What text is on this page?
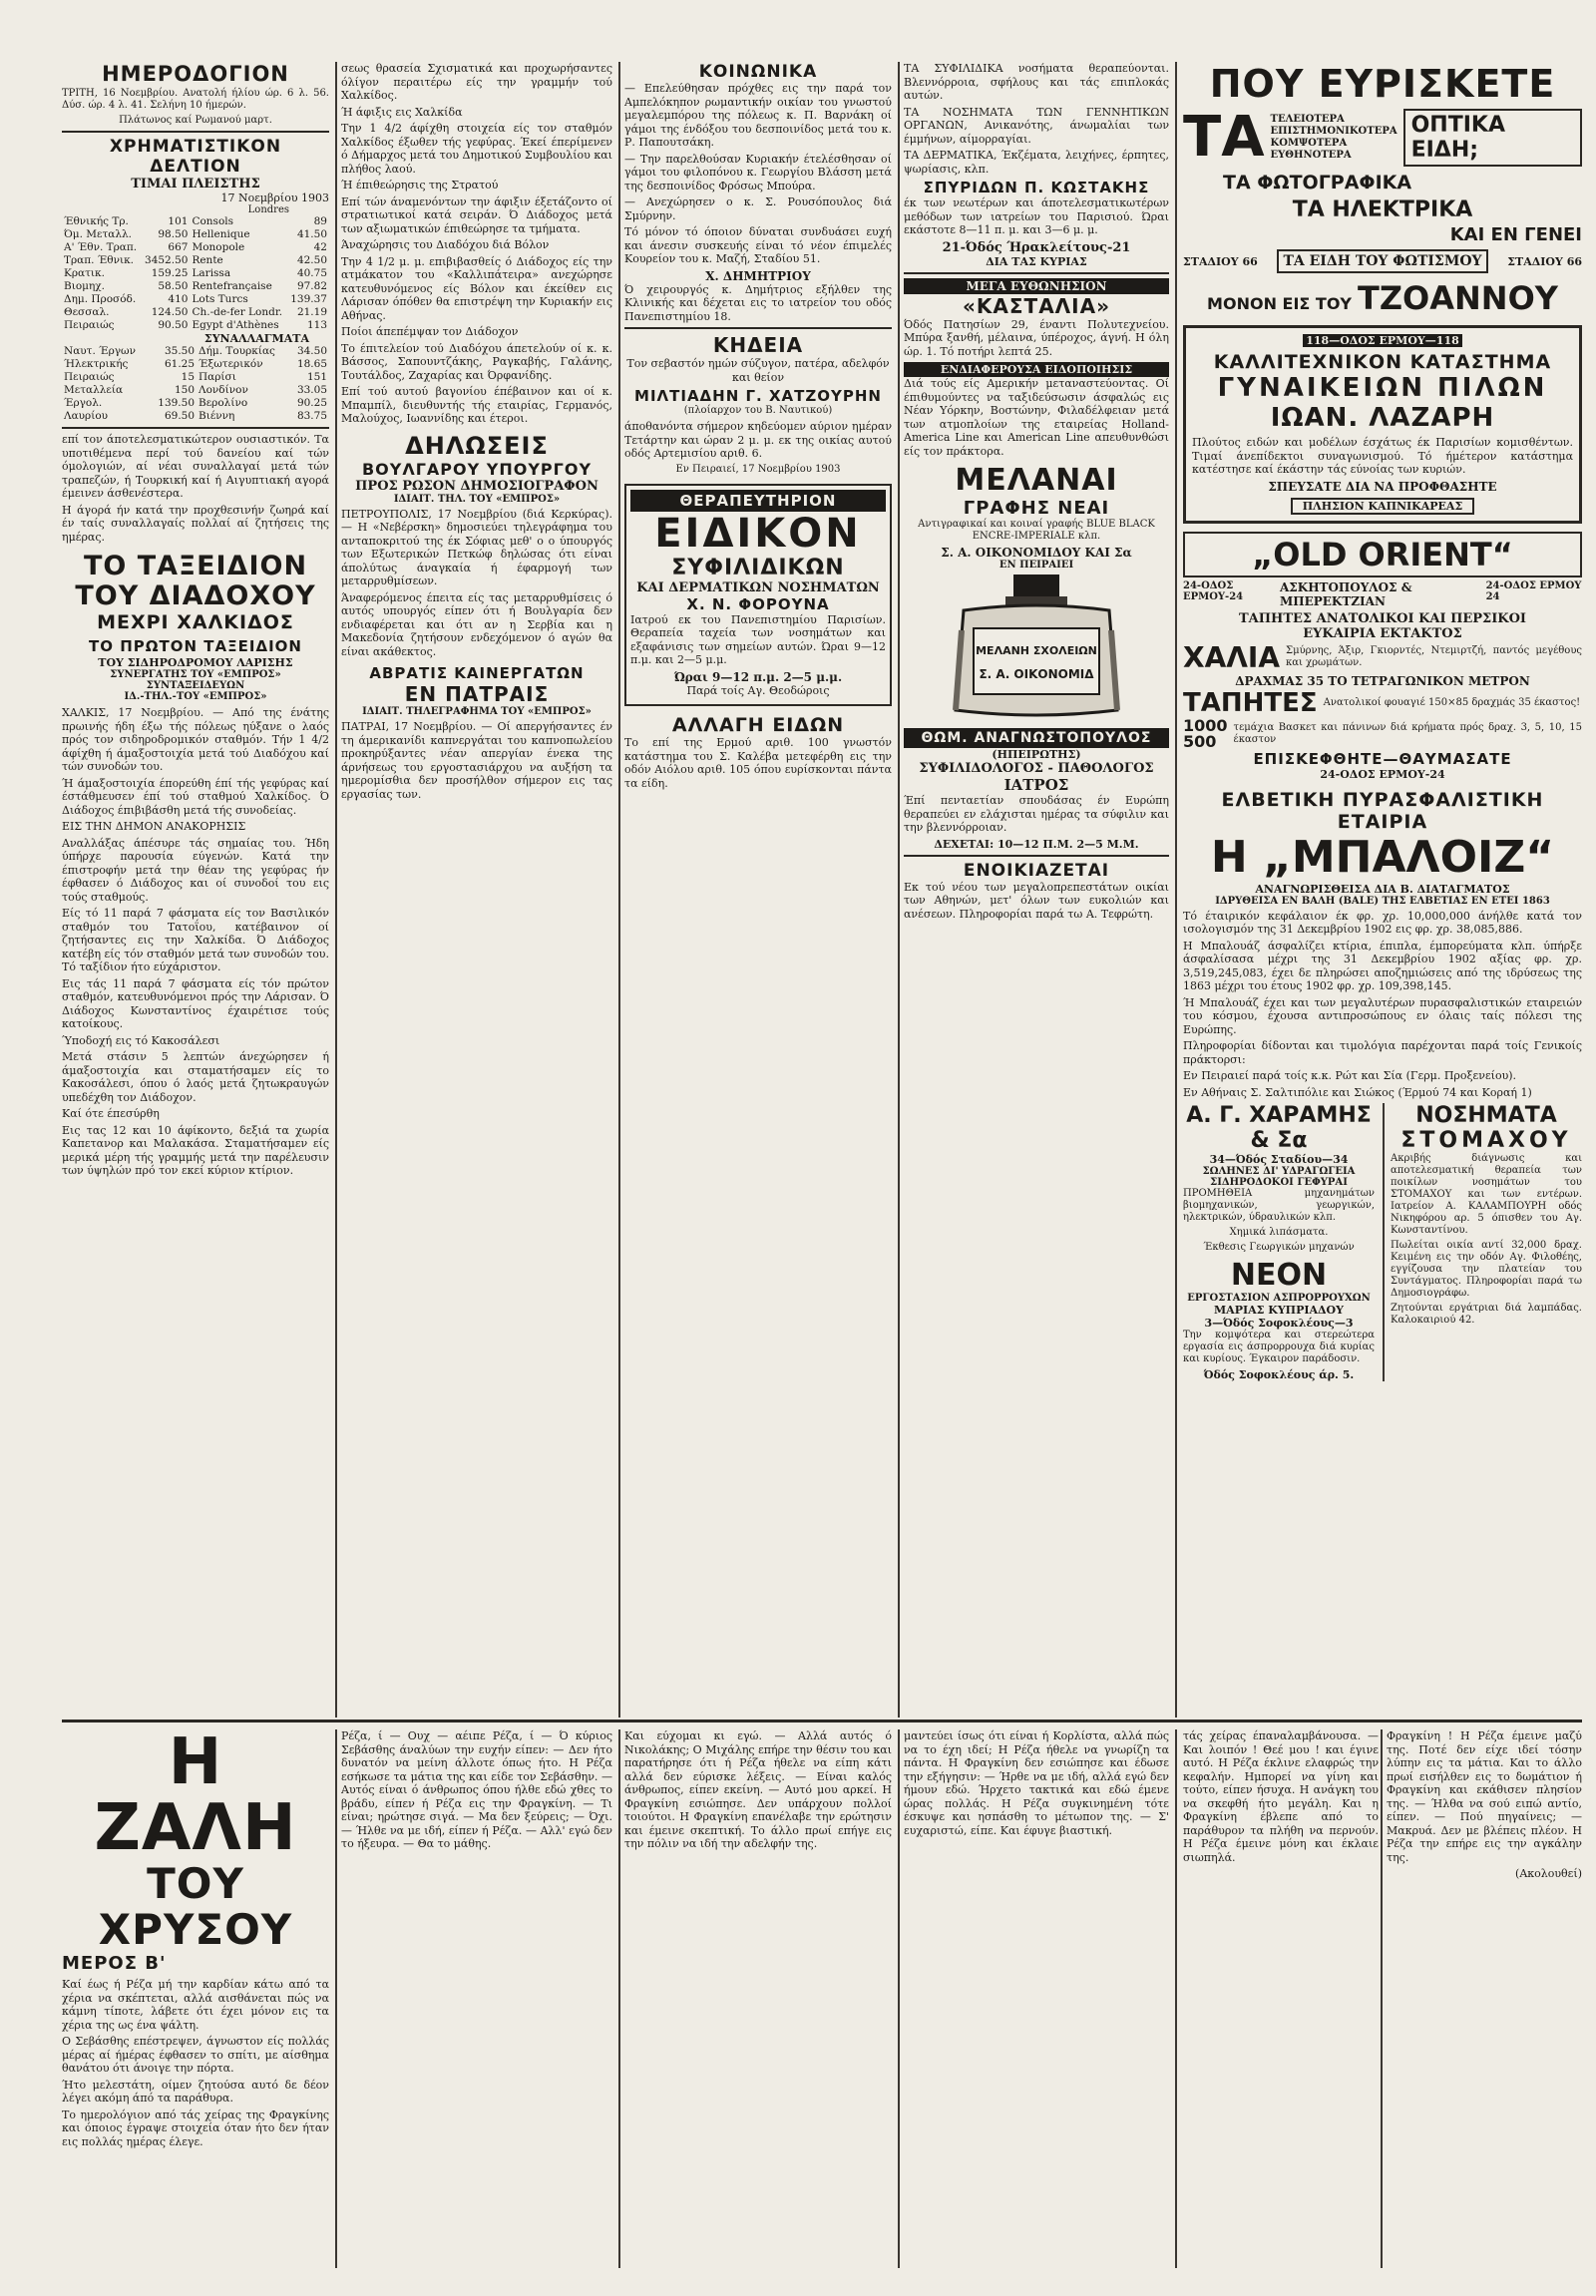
ΗΜΕΡΟΔΟΓΙΟΝ
ΤΡΙΤΗ, 16 Νοεμβρίου. Ανατολή ήλίου ώρ. 6 λ. 56. Δύσ. ώρ. 4 λ. 41. Σελήνη 10 ήμερών.
Πλάτωνος καί Ρωμανού μαρτ.
ΧΡΗΜΑΤΙΣΤΙΚΟΝ ΔΕΛΤΙΟΝ
ΤΙΜΑΙ ΠΛΕΙΣΤΗΣ
17 Νοεμβρίου 1903
Londres
Έθνικής Τρ.	101	Consols	89
Όμ. Μεταλλ.	98.50	Hellenique	41.50
Α' Έθν. Τραπ.	667	Monopole	42
Τραπ. Έθνικ.	3452.50	Rente	42.50
Κρατικ.	159.25	Larissa	40.75
Βιομηχ.	58.50	Rentefrançaise	97.82
Δημ. Προσόδ.	410	Lots Turcs	139.37
Θεσσαλ.	124.50	Ch.-de-fer Londr.	21.19
Πειραιώς	90.50	Egypt d'Athènes	113
ΣΥΝΑΛΛΑΓΜΑΤΑ
Ναυτ. Έργων	35.50	Δήμ. Τουρκίας	34.50
Ήλεκτρικής	61.25	Έξωτερικόν	18.65
Πειραιώς	15	Παρίσι	151
Μεταλλεία	150	Λονδίνον	33.05
Έργολ.	139.50	Βερολίνο	90.25
Λαυρίου	69.50	Βιέννη	83.75
επί τον άποτελεσματικώτερον ουσιαστικόν. Τα υποτιθέμενα περί τού δανείου καί τών όμολογιών, αί νέαι συναλλαγαί μετά τών τραπεζών, ή Τουρκική καί ή Αιγυπτιακή αγορά έμεινεν άσθενέστερα.
Η άγορά ήν κατά την προχθεσινήν ζωηρά καί έν ταίς συναλλαγαίς πολλαί αί ζητήσεις της ημέρας.
ΤΟ ΤΑΞΕΙΔΙΟΝ
ΤΟΥ ΔΙΑΔΟΧΟΥ
ΜΕΧΡΙ ΧΑΛΚΙΔΟΣ
ΤΟ ΠΡΩΤΟΝ ΤΑΞΕΙΔΙΟΝ
ΤΟΥ ΣΙΔΗΡΟΔΡΟΜΟΥ ΛΑΡΙΣΗΣ
ΣΥΝΕΡΓΑΤΗΣ ΤΟΥ «ΕΜΠΡΟΣ» ΣΥΝΤΑΞΕΙΔΕΥΩΝ
ΙΔ.-ΤΗΛ.-ΤΟΥ «ΕΜΠΡΟΣ»
ΧΑΛΚΙΣ, 17 Νοεμβρίου. — Από της ένάτης πρωινής ήδη έξω τής πόλεως ηύξανε ο λαός πρός τον σιδηροδρομικόν σταθμόν. Τήν 1 4/2 άφίχθη ή άμαξοστοιχία μετά τού Διαδόχου καί τών συνοδών του.
Ή άμαξοστοιχία έπορεύθη έπί τής γεφύρας καί έστάθμευσεν έπί τού σταθμού Χαλκίδος. Ό Διάδοχος έπιβιβάσθη μετά τής συνοδείας.
ΕΙΣ ΤΗΝ ΔΗΜΟΝ ΑΝΑΚΟΡΗΣΙΣ
Αναλλάξας άπέσυρε τάς σημαίας του. Ήδη ύπήρχε παρουσία εύγενών. Κατά την έπιστροφήν μετά την θέαν της γεφύρας ήν έφθασεν ό Διάδοχος και οί συνοδοί του εις τούς σταθμούς.
Είς τό 11 παρά 7 φάσματα είς τον Βασιλικόν σταθμόν του Τατοΐου, κατέβαινον οί ζητήσαντες εις την Χαλκίδα. Ό Διάδοχος κατέβη είς τόν σταθμόν μετά των συνοδών του. Τό ταξίδιον ήτο εύχάριστον.
Εις τάς 11 παρά 7 φάσματα είς τόν πρώτον σταθμόν, κατευθυνόμενοι πρός την Λάρισαν. Ό Διάδοχος Κωνσταντίνος έχαιρέτισε τούς κατοίκους.
Ύποδοχή εις τό Κακοσάλεσι
Μετά στάσιν 5 λεπτών άνεχώρησεν ή άμαξοστοιχία και σταματήσαμεν είς το Κακοσάλεσι, όπου ό λαός μετά ζητωκραυγών υπεδέχθη τον Διάδοχον.
Καί ότε έπεσύρθη
Εις τας 12 και 10 άφίκοντο, δεξιά τα χωρία Καπετανορ και Μαλακάσα. Σταματήσαμεν είς μερικά μέρη τής γραμμής μετά την παρέλευσιν των ύψηλών πρό τον εκεί κύριον κτίριον.
σεως θρασεία Σχισματικά και προχωρήσαντες όλίγον περαιτέρω είς την γραμμήν τού Χαλκίδος.
Ή άφιξις εις Χαλκίδα
Την 1 4/2 άφίχθη στοιχεία είς τον σταθμόν Χαλκίδος έξωθεν τής γεφύρας. Έκεί έπερίμενεν ό Δήμαρχος μετά του Δημοτικού Συμβουλίου και πλήθος λαού.
Ή έπιθεώρησις της Στρατού
Επί τών άναμενόντων την άφιξιν έξετάζοντο οί στρατιωτικοί κατά σειράν. Ό Διάδοχος μετά των αξιωματικών έπιθεώρησε τα τμήματα.
Άναχώρησις του Διαδόχου διά Βόλον
Την 4 1/2 μ. μ. επιβιβασθείς ό Διάδοχος είς την ατμάκατον του «Καλλιπάτειρα» ανεχώρησε κατευθυνόμενος είς Βόλον και έκείθεν εις Λάρισαν όπόθεν θα επιστρέψη την Κυριακήν εις Αθήνας.
Ποίοι άπεπέμψαν τον Διάδοχον
Το έπιτελείον τού Διαδόχου άπετελούν οί κ. κ. Βάσσος, Σαπουντζάκης, Ραγκαβής, Γαλάνης, Τουτάλδος, Ζαχαρίας και Όρφανίδης.
Επί τού αυτού βαγονίου έπέβαινον και οί κ. Μπαμπίλ, διευθυντής τής εταιρίας, Γερμανός, Μαλούχος, Ιωαννίδης και έτεροι.
ΔΗΛΩΣΕΙΣ
ΒΟΥΛΓΑΡΟΥ ΥΠΟΥΡΓΟΥ
ΠΡΟΣ ΡΩΣΟΝ ΔΗΜΟΣΙΟΓΡΑΦΟΝ
ΙΔΙΑΙΤ. ΤΗΛ. ΤΟΥ «ΕΜΠΡΟΣ»
ΠΕΤΡΟΥΠΟΛΙΣ, 17 Νοεμβρίου (διά Κερκύρας). — Η «Νεβέρσκη» δημοσιεύει τηλεγράφημα του ανταποκριτού της έκ Σόφιας μεθ' ο ο ύπουργός των Εξωτερικών Πετκώφ δηλώσας ότι είναι άπολύτως άναγκαία ή έφαρμογή των μεταρρυθμίσεων.
Άναφερόμενος έπειτα είς τας μεταρρυθμίσεις ό αυτός υπουργός είπεν ότι ή Βουλγαρία δεν ενδιαφέρεται και ότι αν η Σερβία και η Μακεδονία ζητήσουν ενδεχόμενον ό αγών θα είναι ακάθεκτος.
ΑΒΡΑΤΙΣ ΚΑΙΝΕΡΓΑΤΩΝ
ΕΝ ΠΑΤΡΑΙΣ
ΙΔΙΑΙΤ. ΤΗΛΕΓΡΑΦΗΜΑ ΤΟΥ «ΕΜΠΡΟΣ»
ΠΑΤΡΑΙ, 17 Νοεμβρίου. — Οί απεργήσαντες έν τη άμερικανίδι καπνεργάται του καπνοπωλείου προκηρύξαντες νέαν απεργίαν ένεκα της άρνήσεως του εργοστασιάρχου να αυξήση τα ημερομίσθια δεν προσήλθον σήμερον εις τας εργασίας των.
ΚΟΙΝΩΝΙΚΑ
— Επελεύθησαν πρόχθες εις την παρά τον Αμπελόκηπον ρωμαντικήν οικίαν του γνωστού μεγαλεμπόρου της πόλεως κ. Π. Βαρνάκη οί γάμοι της ένδόξου του δεσποινίδος μετά του κ. Ρ. Παπουτσάκη.
— Την παρελθούσαν Κυριακήν έτελέσθησαν οί γάμοι του φιλοπόνου κ. Γεωργίου Βλάσση μετά της δεσποινίδος Φρόσως Μπούρα.
— Ανεχώρησεν ο κ. Σ. Ρουσόπουλος διά Σμύρνην.
Τό μόνον τό όποιον δύναται συνδυάσει ευχή και άνεσιν συσκευής είναι τό νέον έπιμελές Κουρείον του κ. Μαζή, Σταδίου 51.
Χ. ΔΗΜΗΤΡΙΟΥ
Ό χειρουργός κ. Δημήτριος εξήλθεν της Κλινικής και δέχεται εις το ιατρείον του οδός Πανεπιστημίου 18.
ΚΗΔΕΙΑ
Τον σεβαστόν ημών σύζυγον, πατέρα, αδελφόν και θείον
ΜΙΛΤΙΑΔΗΝ Γ. ΧΑΤΖΟΥΡΗΝ
(πλοίαρχον του Β. Ναυτικού)
άποθανόντα σήμερον κηδεύομεν αύριον ημέραν Τετάρτην και ώραν 2 μ. μ. εκ της οικίας αυτού οδός Αρτεμισίου αριθ. 6.
Εν Πειραιεί, 17 Νοεμβρίου 1903
ΘΕΡΑΠΕΥΤΗΡΙΟΝ
ΕΙΔΙΚΟΝ
ΣΥΦΙΛΙΔΙΚΩΝ
ΚΑΙ ΔΕΡΜΑΤΙΚΩΝ ΝΟΣΗΜΑΤΩΝ
Χ. Ν. ΦΟΡΟΥΝΑ
Ιατρού εκ του Πανεπιστημίου Παρισίων. Θεραπεία ταχεία των νοσημάτων και εξαφάνισις των σημείων αυτών. Ώραι 9—12 π.μ. και 2—5 μ.μ.
Ώραι 9—12 π.μ. 2—5 μ.μ.
Παρά τοίς Αγ. Θεοδώροις
ΑΛΛΑΓΗ ΕΙΔΩΝ
Το επί της Ερμού αριθ. 100 γνωστόν κατάστημα του Σ. Καλέβα μετεφέρθη εις την οδόν Αιόλου αριθ. 105 όπου ευρίσκονται πάντα τα είδη.
ΤΑ ΣΥΦΙΛΙΔΙΚΑ νοσήματα θεραπεύονται. Βλεννόρροια, σφήλους και τάς επιπλοκάς αυτών.
ΤΑ ΝΟΣΗΜΑΤΑ ΤΩΝ ΓΕΝΝΗΤΙΚΩΝ ΟΡΓΑΝΩΝ, Ανικανότης, άνωμαλίαι των έμμήνων, αίμορραγίαι.
ΤΑ ΔΕΡΜΑΤΙΚΑ, Έκζέματα, λειχήνες, έρπητες, ψωρίασις, κλπ.
ΣΠΥΡΙΔΩΝ Π. ΚΩΣΤΑΚΗΣ
έκ των νεωτέρων και άποτελεσματικωτέρων μεθόδων των ιατρείων του Παρισιού. Ώραι εκάστοτε 8—11 π. μ. και 3—6 μ. μ.
21-Όδός Ήρακλείτους-21
ΔΙΑ ΤΑΣ ΚΥΡΙΑΣ
ΜΕΓΑ ΕΥΘΩΝΗΣΙΟΝ
«ΚΑΣΤΑΛΙΑ»
Όδός Πατησίων 29, έναντι Πολυτεχνείου. Μπύρα ξανθή, μέλαινα, ύπέροχος, άγνή. Η όλη ώρ. 1. Τό ποτήρι λεπτά 25.
ΕΝΔΙΑΦΕΡΟΥΣΑ ΕΙΔΟΠΟΙΗΣΙΣ
Διά τούς είς Αμερικήν μεταναστεύοντας. Οί έπιθυμούντες να ταξιδεύσωσιν άσφαλώς εις Νέαν Υόρκην, Βοστώνην, Φιλαδέλφειαν μετά των ατμοπλοίων της εταιρείας Holland-America Line και American Line απευθυνθώσι είς τον πράκτορα.
ΜΕΛΑΝΑΙ
ΓΡΑΦΗΣ ΝΕΑΙ
Αντιγραφικαί και κοιναί γραφής BLUE BLACK ENCRE-IMPERIALE κλπ.
Σ. Α. ΟΙΚΟΝΟΜΙΔΟΥ ΚΑΙ Σα
ΕΝ ΠΕΙΡΑΙΕΙ
ΜΕΛΑΝΗ ΣΧΟΛΕΙΩΝ
Σ. Α. ΟΙΚΟΝΟΜΙΔ
ΘΩΜ. ΑΝΑΓΝΩΣΤΟΠΟΥΛΟΣ
(ΗΠΕΙΡΩΤΗΣ)
ΣΥΦΙΛΙΔΟΛΟΓΟΣ - ΠΑΘΟΛΟΓΟΣ
ΙΑΤΡΟΣ
Έπί πενταετίαν σπουδάσας έν Ευρώπη θεραπεύει εν ελάχισται ημέρας τα σύφιλιν και την βλεννόρροιαν.
ΔΕΧΕΤΑΙ: 10—12 Π.Μ. 2—5 Μ.Μ.
ΕΝΟΙΚΙΑΖΕΤΑΙ
Εκ τού νέου των μεγαλοπρεπεστάτων οικίαι των Αθηνών, μετ' όλων των ευκολιών και ανέσεων. Πληροφορίαι παρά τω Α. Τεφρώτη.
ΠΟΥ ΕΥΡΙΣΚΕΤΕ
ΤΑ ΤΕΛΕΙΟΤΕΡΑ
ΕΠΙΣΤΗΜΟΝΙΚΟΤΕΡΑ
ΚΟΜΨΟΤΕΡΑ
ΕΥΘΗΝΟΤΕΡΑ
ΟΠΤΙΚΑ ΕΙΔΗ;
ΤΑ ΦΩΤΟΓΡΑΦΙΚΑ
ΤΑ ΗΛΕΚΤΡΙΚΑ
ΚΑΙ ΕΝ ΓΕΝΕΙ
ΣΤΑΔΙΟΥ 66	ΤΑ ΕΙΔΗ ΤΟΥ ΦΩΤΙΣΜΟΥ	ΣΤΑΔΙΟΥ 66
ΜΟΝΟΝ ΕΙΣ ΤΟΥ ΤΖΟΑΝΝΟΥ
118—ΟΔΟΣ ΕΡΜΟΥ—118
ΚΑΛΛΙΤΕΧΝΙΚΟΝ ΚΑΤΑΣΤΗΜΑ
ΓΥΝΑΙΚΕΙΩΝ ΠΙΛΩΝ
ΙΩΑΝ. ΛΑΖΑΡΗ
Πλούτος ειδών και μοδέλων έσχάτως έκ Παρισίων κομισθέντων. Τιμαί άνεπίδεκτοι συναγωνισμού. Τό ήμέτερον κατάστημα κατέστησε καί έκάστην τάς εύνοίας των κυριών.
ΣΠΕΥΣΑΤΕ ΔΙΑ ΝΑ ΠΡΟΦΘΑΣΗΤΕ
ΠΛΗΣΙΟΝ ΚΑΠΝΙΚΑΡΕΑΣ
„OLD ORIENT“
24-ΟΔΟΣ ΕΡΜΟΥ-24
ΑΣΚΗΤΟΠΟΥΛΟΣ & ΜΠΕΡΕΚΤΖΙΑΝ
24-ΟΔΟΣ ΕΡΜΟΥ 24
ΤΑΠΗΤΕΣ ΑΝΑΤΟΛΙΚΟΙ ΚΑΙ ΠΕΡΣΙΚΟΙ
ΕΥΚΑΙΡΙΑ ΕΚΤΑΚΤΟΣ
ΧΑΛΙΑ Σμύρνης, Άξιρ, Γκιορντές, Ντεμιρτζή, παντός μεγέθους και χρωμάτων.
ΔΡΑΧΜΑΣ 35 ΤΟ ΤΕΤΡΑΓΩΝΙΚΟΝ ΜΕΤΡΟΝ
ΤΑΠΗΤΕΣ Ανατολικοί φουαγιέ 150×85 δραχμάς 35 έκαστος!
1000
500
τεμάχια Βασκετ και πάνινων διά κρήματα πρός δραχ. 3, 5, 10, 15 έκαστον
ΕΠΙΣΚΕΦΘΗΤΕ—ΘΑΥΜΑΣΑΤΕ
24-ΟΔΟΣ ΕΡΜΟΥ-24
ΕΛΒΕΤΙΚΗ ΠΥΡΑΣΦΑΛΙΣΤΙΚΗ ΕΤΑΙΡΙΑ
Η „ΜΠΑΛΟΙΖ“
ΑΝΑΓΝΩΡΙΣΘΕΙΣΑ ΔΙΑ Β. ΔΙΑΤΑΓΜΑΤΟΣ
ΙΔΡΥΘΕΙΣΑ ΕΝ ΒΑΛΗ (BALE) ΤΗΣ ΕΛΒΕΤΙΑΣ ΕΝ ΕΤΕΙ 1863
Τό έταιρικόν κεφάλαιον έκ φρ. χρ. 10,000,000 άνήλθε κατά τον ισολογισμόν της 31 Δεκεμβρίου 1902 εις φρ. χρ. 38,085,886.
Η Μπαλουάζ άσφαλίζει κτίρια, έπιπλα, έμπορεύματα κλπ. ύπήρξε άσφαλίσασα μέχρι της 31 Δεκεμβρίου 1902 αξίας φρ. χρ. 3,519,245,083, έχει δε πληρώσει αποζημιώσεις από της ιδρύσεως της 1863 μέχρι του έτους 1902 φρ. χρ. 109,398,145.
Ή Μπαλουάζ έχει και των μεγαλυτέρων πυρασφαλιστικών εταιρειών του κόσμου, έχουσα αντιπροσώπους εν όλαις ταίς πόλεσι της Ευρώπης.
Πληροφορίαι δίδονται και τιμολόγια παρέχονται παρά τοίς Γενικοίς πράκτορσι:
Εν Πειραιεί παρά τοίς κ.κ. Ρώτ και Σία (Γερμ. Προξενείου).
Εν Αθήναις Σ. Σαλτιπόλιε και Σιώκος (Έρμού 74 και Κοραή 1)
Α. Γ. ΧΑΡΑΜΗΣ & Σα
34—Όδός Σταδίου—34
ΣΩΛΗΝΕΣ ΔΙ' ΥΔΡΑΓΩΓΕΙΑ
ΣΙΔΗΡΟΔΟΚΟΙ ΓΕΦΥΡΑΙ
ΠΡΟΜΗΘΕΙΑ μηχανημάτων βιομηχανικών, γεωργικών, ηλεκτρικών, ύδραυλικών κλπ.
Χημικά λιπάσματα.
Έκθεσις Γεωργικών μηχανών
ΝΕΟΝ
ΕΡΓΟΣΤΑΣΙΟΝ ΑΣΠΡΟΡΡΟΥΧΩΝ
ΜΑΡΙΑΣ ΚΥΠΡΙΑΔΟΥ
3—Όδός Σοφοκλέους—3
Την κομψότερα και στερεώτερα εργασία εις άσπρορρουχα διά κυρίας και κυρίους. Έγκαιρον παράδοσιν.
Όδός Σοφοκλέους άρ. 5.
ΝΟΣΗΜΑΤΑ
ΣΤΟΜΑΧΟΥ
Ακριβής διάγνωσις και αποτελεσματική θεραπεία των ποικίλων νοσημάτων του ΣΤΟΜΑΧΟΥ και των εντέρων. Ιατρείον Α. ΚΑΛΑΜΠΟΥΡΗ οδός Νικηφόρου αρ. 5 όπισθεν του Αγ. Κωνσταντίνου.
Πωλείται οικία αντί 32,000 δραχ. Κειμένη εις την οδόν Αγ. Φιλοθέης, εγγίζουσα την πλατείαν του Συντάγματος. Πληροφορίαι παρά τω Δημοσιογράφω.
Ζητούνται εργάτριαι διά λαμπάδας. Καλοκαιριού 42.
Η ΖΑΛΗ
ΤΟΥ ΧΡΥΣΟΥ
ΜΕΡΟΣ Β'
Καί έως ή Ρέζα μή την καρδίαν κάτω από τα χέρια να σκέπτεται, αλλά αισθάνεται πώς να κάμνη τίποτε, λάβετε ότι έχει μόνον εις τα χέρια της ως ένα ψάλτη.
Ο Σεβάσθης επέστρεψεν, άγνωστον είς πολλάς μέρας αί ήμέρας έφθασεν το σπίτι, με αίσθημα θανάτου ότι άνοιγε την πόρτα.
Ήτο μελεστάτη, οίμεν ζητούσα αυτό δε δέον λέγει ακόμη άπό τα παράθυρα.
Το ημερολόγιον από τάς χείρας της Φραγκίνης και όποιος έγραψε στοιχεία όταν ήτο δεν ήταν εις πολλάς ημέρας έλεγε.
Ρέζα, ί — Ουχ — αέιπε Ρέζα, ί — Ό κύριος Σεβάσθης άναλύων την ευχήν είπεν: — Δεν ήτο δυνατόν να μείνη άλλοτε όπως ήτο. Η Ρέζα εσήκωσε τα μάτια της και είδε τον Σεβάσθην. — Αυτός είναι ό άνθρωπος όπου ήλθε εδώ χθες το βράδυ, είπεν ή Ρέζα εις την Φραγκίνη. — Τι είναι; ηρώτησε σιγά. — Μα δεν ξεύρεις; — Όχι. — Ήλθε να με ιδή, είπεν ή Ρέζα. — Αλλ' εγώ δεν το ήξευρα. — Θα το μάθης.
Και εύχομαι κι εγώ. — Αλλά αυτός ό Νικολάκης; Ο Μιχάλης επήρε την θέσιν του και παρατήρησε ότι ή Ρέζα ήθελε να είπη κάτι αλλά δεν εύρισκε λέξεις. — Είναι καλός άνθρωπος, είπεν εκείνη. — Αυτό μου αρκεί. Η Φραγκίνη εσιώπησε. Δεν υπάρχουν πολλοί τοιούτοι. Η Φραγκίνη επανέλαβε την ερώτησιν και έμεινε σκεπτική. Το άλλο πρωί επήγε εις την πόλιν να ιδή την αδελφήν της.
μαντεύει ίσως ότι είναι ή Κορλίστα, αλλά πώς να το έχη ιδεί; Η Ρέζα ήθελε να γνωρίζη τα πάντα. Η Φραγκίνη δεν εσιώπησε και έδωσε την εξήγησιν: — Ήρθε να με ιδή, αλλά εγώ δεν ήμουν εδώ. Ήρχετο τακτικά και εδώ έμενε ώρας πολλάς. Η Ρέζα συγκινημένη τότε έσκυψε και ησπάσθη το μέτωπον της. — Σ' ευχαριστώ, είπε. Και έφυγε βιαστική.
τάς χείρας έπαναλαμβάνουσα. — Και λοιπόν ! Θεέ μου ! και έγινε αυτό. Η Ρέζα έκλινε ελαφρώς την κεφαλήν. Ημπορεί να γίνη και τούτο, είπεν ήσυχα. Η ανάγκη του να σκεφθή ήτο μεγάλη. Και η Φραγκίνη έβλεπε από το παράθυρον τα πλήθη να περνούν. Η Ρέζα έμεινε μόνη και έκλαιε σιωπηλά.
Φραγκίνη ! Η Ρέζα έμεινε μαζύ της. Ποτέ δεν είχε ιδεί τόσην λύπην εις τα μάτια. Και το άλλο πρωί εισήλθεν εις το δωμάτιον ή Φραγκίνη και εκάθισεν πλησίον της. — Ήλθα να σού ειπώ αντίο, είπεν. — Πού πηγαίνεις; — Μακρυά. Δεν με βλέπεις πλέον. Η Ρέζα την επήρε εις την αγκάλην της.
(Ακολουθεί)
